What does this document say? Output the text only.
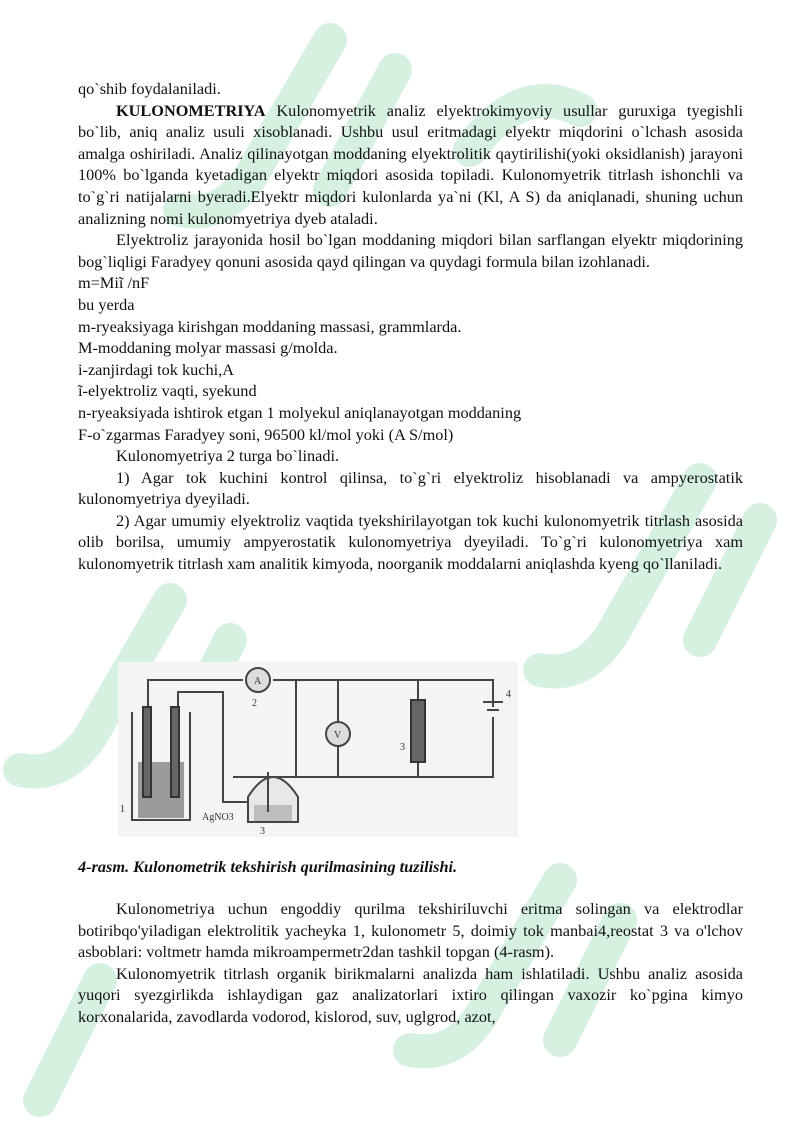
qo`shib foydalaniladi.

KULONOMETRIYA Kulonomyetrik analiz elyektrokimyoviy usullar guruxiga tyegishli bo`lib, aniq analiz usuli xisoblanadi. Ushbu usul eritmadagi elyektr miqdorini o`lchash asosida amalga oshiriladi. Analiz qilinayotgan moddaning elyektrolitik qaytirilishi(yoki oksidlanish) jarayoni 100% bo`lganda kyetadigan elyektr miqdori asosida topiladi. Kulonomyetrik titrlash ishonchli va to`g`ri natijalarni byeradi.Elyektr miqdori kulonlarda ya`ni (Kl, A S) da aniqlanadi, shuning uchun analizning nomi kulonomyetriya dyeb ataladi.

Elyektroliz jarayonida hosil bo`lgan moddaning miqdori bilan sarflangan elyektr miqdorining bog`liqligi Faradyey qonuni asosida qayd qilingan va quydagi formula bilan izohlanadi.

m=Miĩ /nF

bu yerda

m-ryeaksiyaga kirishgan moddaning massasi, grammlarda.

M-moddaning molyar massasi g/molda.

i-zanjirdagi tok kuchi,A

ĩ-elyektroliz vaqti, syekund

n-ryeaksiyada ishtirok etgan 1 molyekul aniqlanayotgan moddaning

F-o`zgarmas Faradyey soni, 96500 kl/mol yoki (A S/mol)

Kulonomyetriya 2 turga bo`linadi.

1) Agar tok kuchini kontrol qilinsa, to`g`ri elyektroliz hisoblanadi va ampyerostatik kulonomyetriya dyeyiladi.

2) Agar umumiy elyektroliz vaqtida tyekshirilayotgan tok kuchi kulonomyetrik titrlash asosida olib borilsa, umumiy ampyerostatik kulonomyetriya dyeyiladi. To`g`ri kulonomyetriya xam kulonomyetrik titrlash xam analitik kimyoda, noorganik moddalarni aniqlashda kyeng qo`llaniladi.

1
2
3
3
4
A
V
AgNO3
4-rasm. Kulonometrik tekshirish qurilmasining tuzilishi.

Kulonometriya uchun engoddiy qurilma tekshiriluvchi eritma solingan va elektrodlar botiribqo'yiladigan elektrolitik yacheyka 1, kulonometr 5, doimiy tok manbai4,reostat 3 va o'lchov asboblari: voltmetr hamda mikroampermetr2dan tashkil topgan (4-rasm).

Kulonomyetrik titrlash organik birikmalarni analizda ham ishlatiladi. Ushbu analiz asosida yuqori syezgirlikda ishlaydigan gaz analizatorlari ixtiro qilingan vaxozir ko`pgina kimyo korxonalarida, zavodlarda vodorod, kislorod, suv, uglgrod, azot,
